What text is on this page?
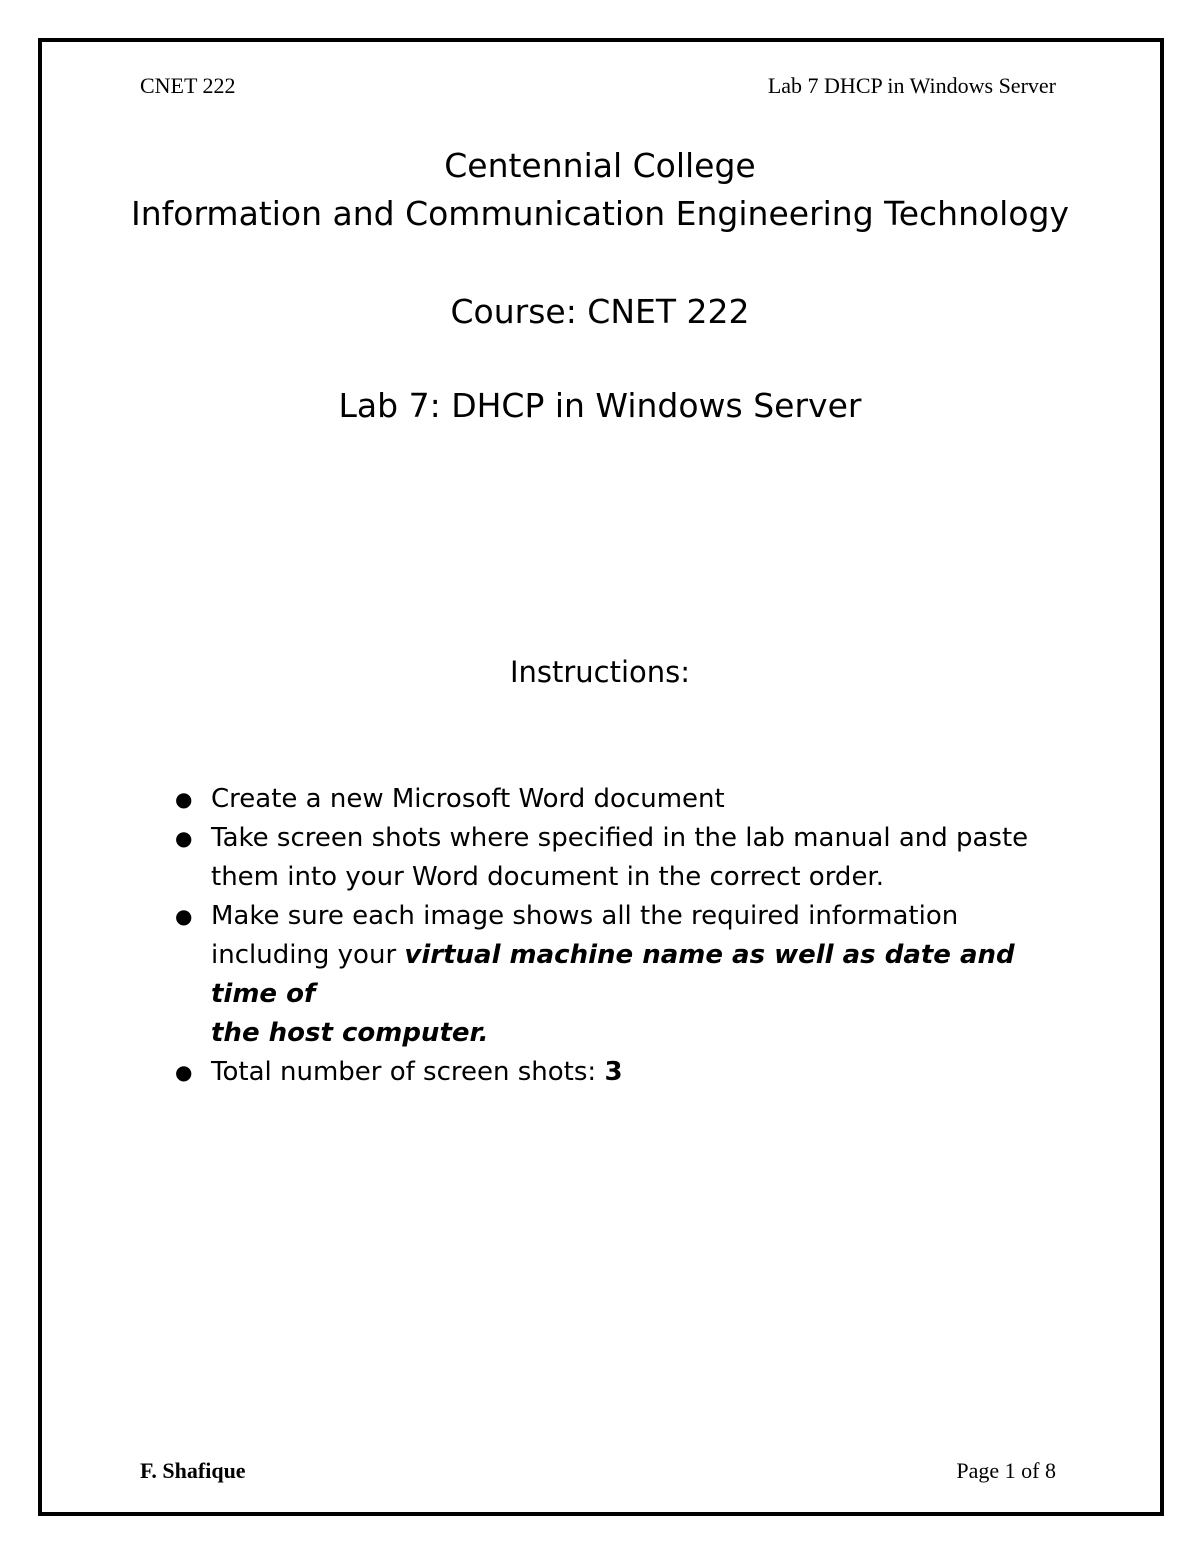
CNET 222	Lab 7 DHCP in Windows Server
Centennial College
Information and Communication Engineering Technology
Course: CNET 222
Lab 7: DHCP in Windows Server
Instructions:
● Create a new Microsoft Word document
● Take screen shots where specified in the lab manual and paste
them into your Word document in the correct order.
● Make sure each image shows all the required information
including your virtual machine name as well as date and time of
the host computer.
● Total number of screen shots: 3
F. Shafique	Page 1 of 8
